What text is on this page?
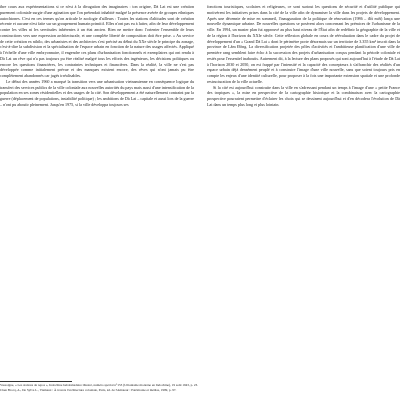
ibre cours aux expérimentations si ce n'est à la divagation des imaginaires : ton origine, Dà Lat est une création purement coloniale surgie d'une agination que l'on prétendait inhabité malgré la présence avérée de groupes ethniques autochtones. C'est en ces termes qu'on articule le zoologie d'ailleurs : Toutes les stations d'altitudes sont de création récente et aucune n'est faite sur un groupement humain primitif. Elles n'ont pas eu à lutter, afin de leur développement contre les villes ni les servitudes inhérentes à un état ancien. Rien ne mettre donc l'orienter l'ensemble de leurs constructions vers une expression architecturale, et une complète liberté de composition doit être prise. » Au service de cette création ex nihilo, des urbanistes et des architectes s'est précisé au début du XXe siècle le principe du zonage, c'est-à-dire la subdivision et la spécialisation de l'espace urbain en fonction de la nature des usages affectés. Appliqué à l'échelle d'une ville embryonnaire, il engendre ces plans d'urbanisation fonctionnels et exemplaires qui ont rendu à Dà Lat un rêve qui n'a pas toujours pu être réalisé malgré tous les efforts des ingénieurs, les décisions politiques ou encore les questions financières, les contraintes techniques et financières. Dans la réalité, la ville ne s'est pas développée comme initialement prévue et des manques existent encore, des rêves qui n'ont jamais pu être complètement abandonnés car jugés irréalisables.

Le début des années 1960 a marqué la transition vers une urbanisation vietnamienne en conséquence logique du transfert des services publics de la ville coloniale aux nouvelles autorités du pays mais aussi d'une intensification de la population en ses zones résidentielles et des usages de la cité. Son développement a été naturellement contraint par la guerre (déplacement de populations, instabilité politique) ; les ambitions de Dà Lat – capitale et aussi lors de la guerre – n'ont pu aboutir pleinement. Jusqu'en 1975, si la ville développa toujours ses

fonctions touristiques, scolaires et religieuses, ce sont surtout les questions de sécurité et d'utilité publique qui motivèrent les initiatives prises dans la cité de la ville afin de dynamiser la ville dans les projets de développement. Après une décennie de mise en sommeil, l'inauguration de la politique de rénovation (1986 – đổi mới) lança une nouvelle dynamique urbaine. De nouvelles questions se posèrent alors concernant les prémices de l'urbanisme de la ville. En 1994, un master plan fut approuvé au plus haut niveau de l'État afin de redéfinir la géographie de la ville et de la région à l'horizon du XXIe siècle. Cette réflexion globale en cours de réévaluation dans le cadre du projet de développement d'un « Grand Dà Lat » dont le périmètre porte désormais sur un territoire de 3.355 km² inscrit dans la province de Lâm Đồng. La diversification projetée des pôles d'activités et l'ambitieuse planification d'une ville de première rang semblent faire écho à la succession des projets d'urbanisation conçus pendant la période coloniale et restés pour l'essentiel inaboutis. Autrement dit, à la lecture des plans proposés qui sont aujourd'hui à l'étude de Dà Lat à l'horizon 2030 et 2050, on est frappé par l'intensité et la capacité des concepteurs à s'affranchir des réalités d'un espace urbain déjà densément peuplé et à construire l'image d'une ville nouvelle, sans que soient toujours pris en compte les enjeux d'une identité culturelle, pour proposer à la fois une importante extension spatiale et une profonde restructuration de la ville actuelle.

Si la cité est aujourd'hui construite dans la ville en s'adressant pendant un temps à l'image d'une « petite France des tropiques », la mise en perspective de la cartographie historique et la combinaison avec la cartographie prospective pourraient permettre d'éclairer les choix qui se dessinent aujourd'hui et d'en décodera l'évolution de Dà Lat dans un temps plus long et plus lointain.

Vassoigne, « Les stations de repos », Indochine hebdomadaire illustré, numéro spécial n°153 (Urbanisme moderne en Indochine), 19 août 1943, p. 23.
Chen Brocq, A., De Sylva L., Viemaux : À travers l'architecture coloniale, Paris, éd. de l'Amateur : Patrimoine et médias, 1999, p. 97.
